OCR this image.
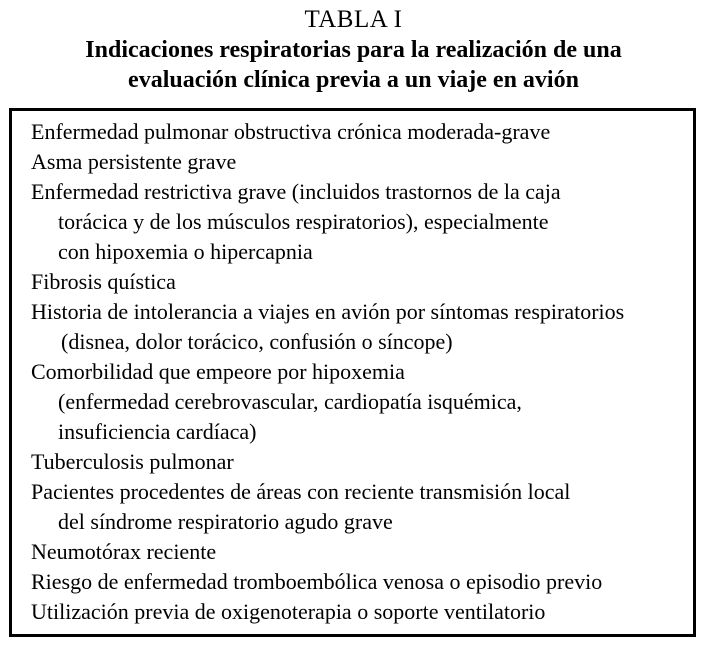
TABLA I
Indicaciones respiratorias para la realización de una
evaluación clínica previa a un viaje en avión
Enfermedad pulmonar obstructiva crónica moderada-grave
Asma persistente grave
Enfermedad restrictiva grave (incluidos trastornos de la caja
torácica y de los músculos respiratorios), especialmente
con hipoxemia o hipercapnia
Fibrosis quística
Historia de intolerancia a viajes en avión por síntomas respiratorios
(disnea, dolor torácico, confusión o síncope)
Comorbilidad que empeore por hipoxemia
(enfermedad cerebrovascular, cardiopatía isquémica,
insuficiencia cardíaca)
Tuberculosis pulmonar
Pacientes procedentes de áreas con reciente transmisión local
del síndrome respiratorio agudo grave
Neumotórax reciente
Riesgo de enfermedad tromboembólica venosa o episodio previo
Utilización previa de oxigenoterapia o soporte ventilatorio
